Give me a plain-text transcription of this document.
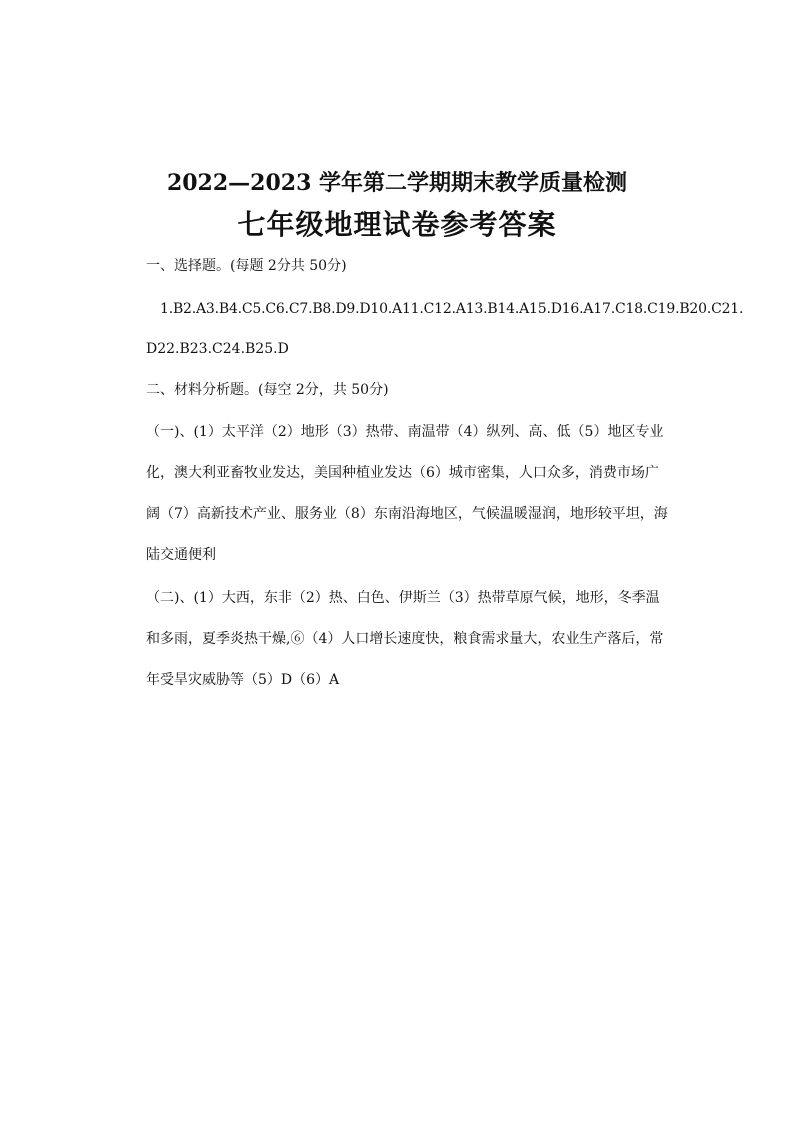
2022—2023 学年第二学期期末教学质量检测
七年级地理试卷参考答案
一、选择题。(每题 2分共 50分)
1.B2.A3.B4.C5.C6.C7.B8.D9.D10.A11.C12.A13.B14.A15.D16.A17.C18.C19.B20.C21.
D22.B23.C24.B25.D
二、材料分析题。(每空 2分，共 50分)
（一)、(1）太平洋（2）地形（3）热带、南温带（4）纵列、高、低（5）地区专业
化，澳大利亚畜牧业发达，美国种植业发达（6）城市密集，人口众多，消费市场广
阔（7）高新技术产业、服务业（8）东南沿海地区，气候温暖湿润，地形较平坦，海
陆交通便利
（二)、(1）大西，东非（2）热、白色、伊斯兰（3）热带草原气候，地形，冬季温
和多雨，夏季炎热干燥,⑥（4）人口增长速度快，粮食需求量大，农业生产落后，常
年受旱灾威胁等（5）D（6）A
